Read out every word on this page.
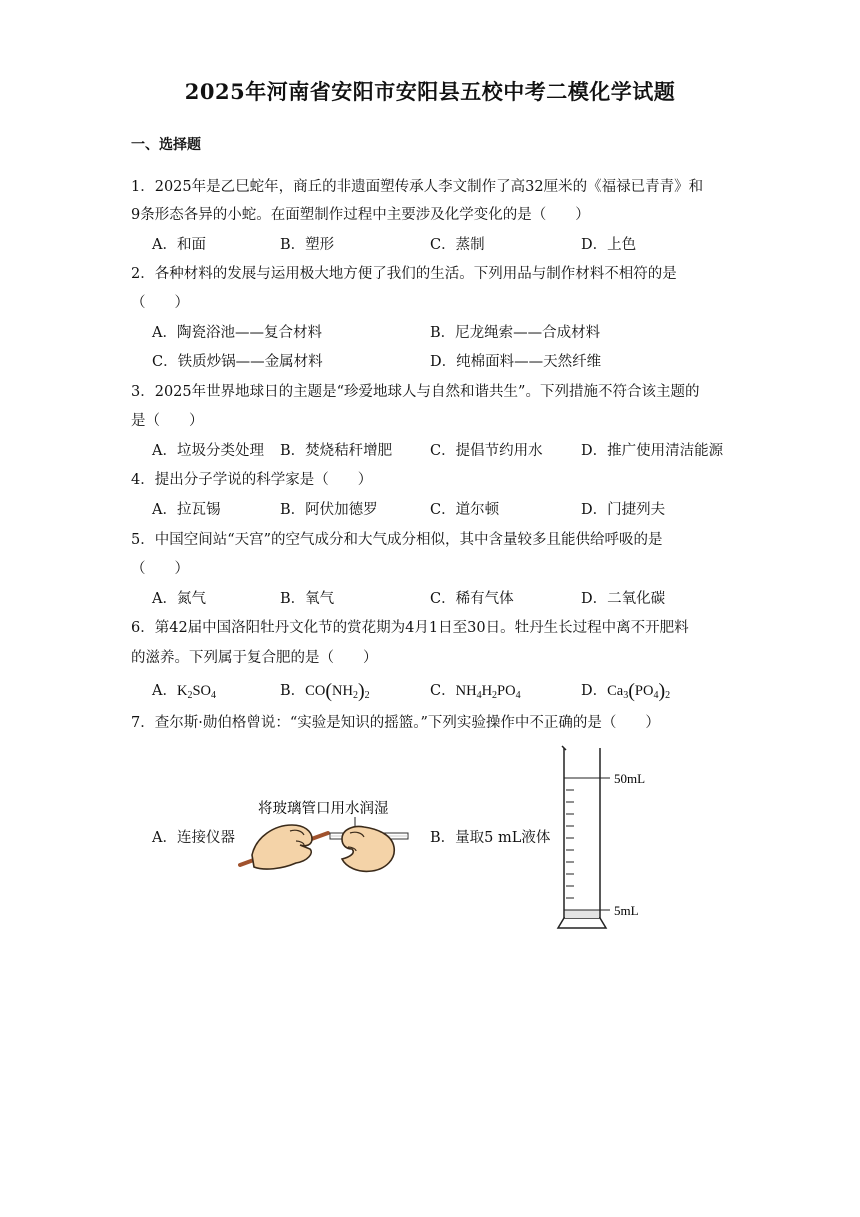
2025年河南省安阳市安阳县五校中考二模化学试题
一、选择题
1．2025年是乙巳蛇年，商丘的非遗面塑传承人李文制作了高32厘米的《福禄已青青》和
9条形态各异的小蛇。在面塑制作过程中主要涉及化学变化的是（　　）
A．和面	B．塑形	C．蒸制	D．上色
2．各种材料的发展与运用极大地方便了我们的生活。下列用品与制作材料不相符的是
（　　）
A．陶瓷浴池——复合材料	B．尼龙绳索——合成材料
C．铁质炒锅——金属材料	D．纯棉面料——天然纤维
3．2025年世界地球日的主题是“珍爱地球人与自然和谐共生”。下列措施不符合该主题的
是（　　）
A．垃圾分类处理 B．焚烧秸秆增肥	C．提倡节约用水	D．推广使用清洁能源
4．提出分子学说的科学家是（　　）
A．拉瓦锡	B．阿伏加德罗	C．道尔顿	D．门捷列夫
5．中国空间站“天宫”的空气成分和大气成分相似，其中含量较多且能供给呼吸的是
（　　）
A．氮气	B．氧气	C．稀有气体	D．二氧化碳
6．第42届中国洛阳牡丹文化节的赏花期为4月1日至30日。牡丹生长过程中离不开肥料
的滋养。下列属于复合肥的是（　　）
A．$K_2SO_4$	B．$CO(NH_2)_2$	C．$NH_4H_2PO_4$	D．$Ca_3(PO_4)_2$
7．查尔斯·勋伯格曾说：“实验是知识的摇篮。”下列实验操作中不正确的是（　　）
A．连接仪器	B．量取5 mL液体
将玻璃管口用水润湿
50mL
5mL
